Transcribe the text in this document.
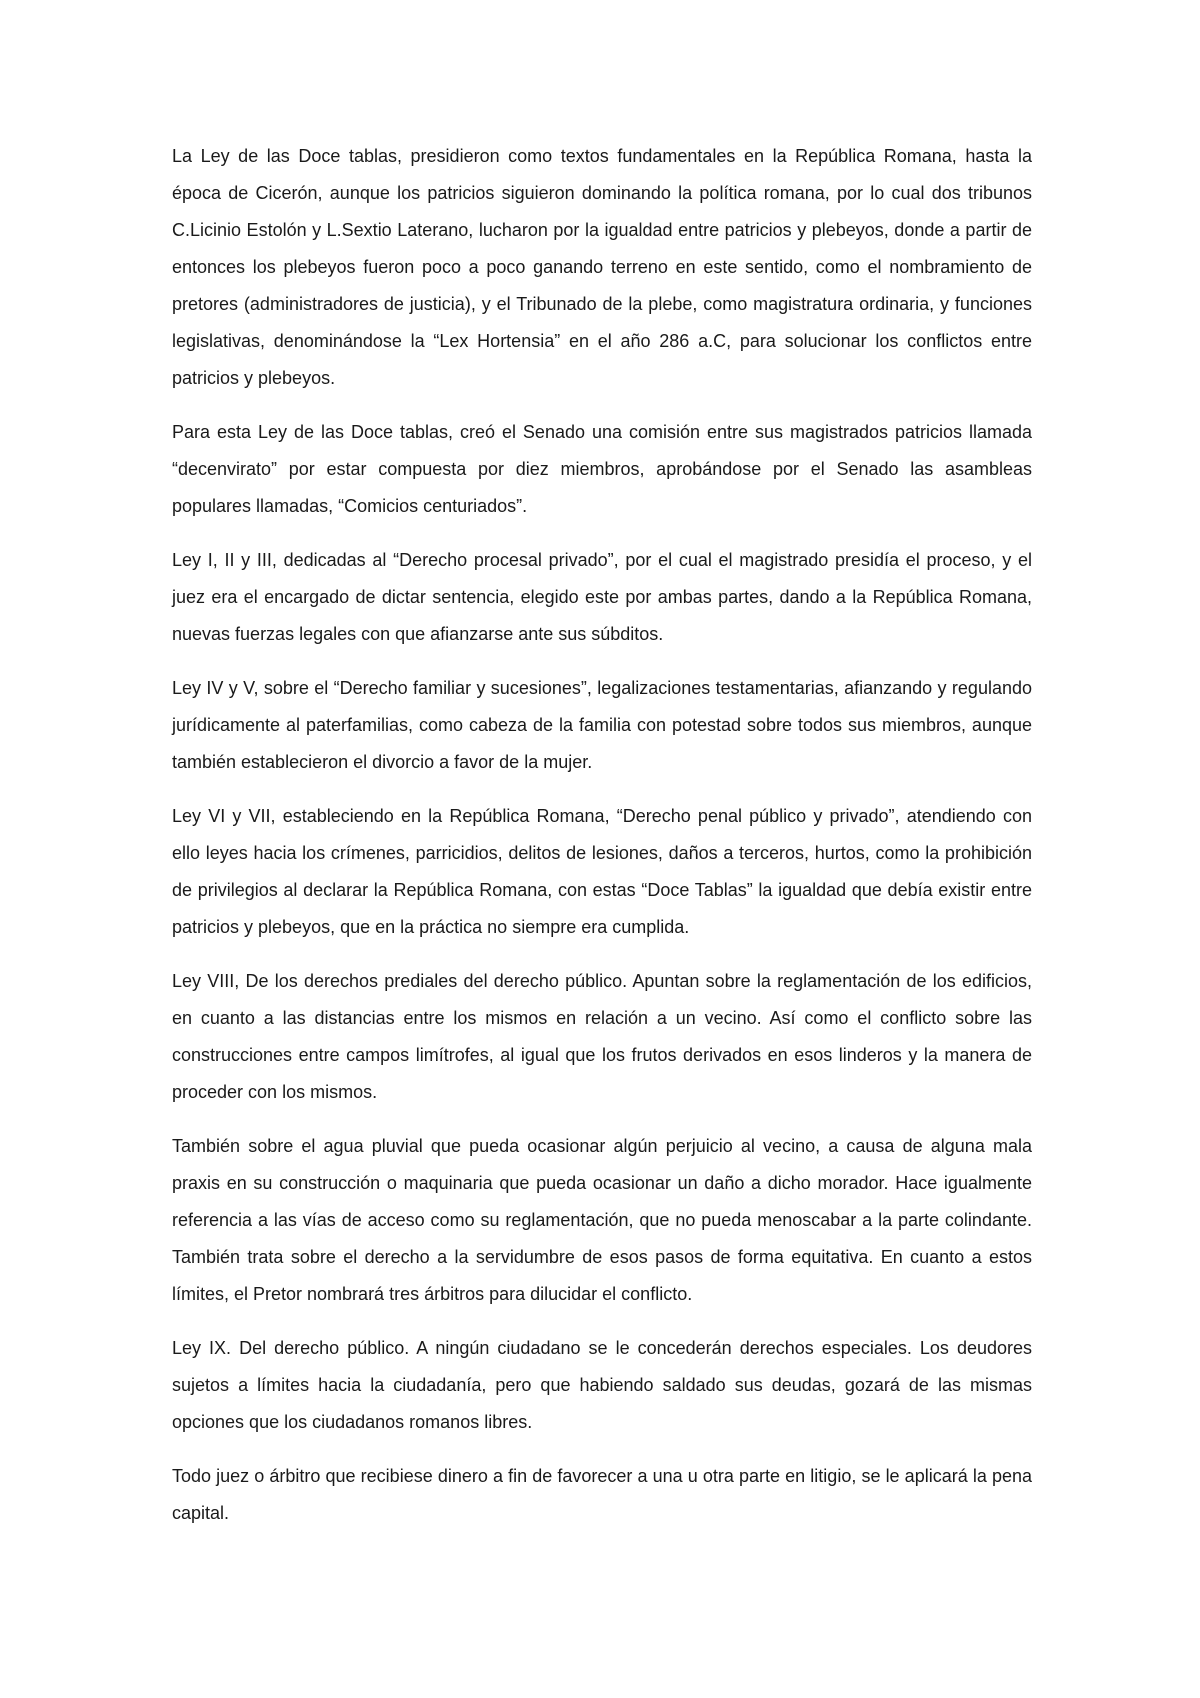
La Ley de las Doce tablas, presidieron como textos fundamentales en la República Romana, hasta la época de Cicerón, aunque los patricios siguieron dominando la política romana, por lo cual dos tribunos C.Licinio Estolón y L.Sextio Laterano, lucharon por la igualdad entre patricios y plebeyos, donde a partir de entonces los plebeyos fueron poco a poco ganando terreno en este sentido, como el nombramiento de pretores (administradores de justicia), y el Tribunado de la plebe, como magistratura ordinaria, y funciones legislativas, denominándose la “Lex Hortensia” en el año 286 a.C, para solucionar los conflictos entre patricios y plebeyos.

Para esta Ley de las Doce tablas, creó el Senado una comisión entre sus magistrados patricios llamada “decenvirato” por estar compuesta por diez miembros, aprobándose por el Senado las asambleas populares llamadas, “Comicios centuriados”.

Ley I, II y III, dedicadas al “Derecho procesal privado”, por el cual el magistrado presidía el proceso, y el juez era el encargado de dictar sentencia, elegido este por ambas partes, dando a la República Romana, nuevas fuerzas legales con que afianzarse ante sus súbditos.

Ley IV y V, sobre el “Derecho familiar y sucesiones”, legalizaciones testamentarias, afianzando y regulando jurídicamente al paterfamilias, como cabeza de la familia con potestad sobre todos sus miembros, aunque también establecieron el divorcio a favor de la mujer.

Ley VI y VII, estableciendo en la República Romana, “Derecho penal público y privado”, atendiendo con ello leyes hacia los crímenes, parricidios, delitos de lesiones, daños a terceros, hurtos, como la prohibición de privilegios al declarar la República Romana, con estas “Doce Tablas” la igualdad que debía existir entre patricios y plebeyos, que en la práctica no siempre era cumplida.

Ley VIII, De los derechos prediales del derecho público. Apuntan sobre la reglamentación de los edificios, en cuanto a las distancias entre los mismos en relación a un vecino. Así como el conflicto sobre las construcciones entre campos limítrofes, al igual que los frutos derivados en esos linderos y la manera de proceder con los mismos.

También sobre el agua pluvial que pueda ocasionar algún perjuicio al vecino, a causa de alguna mala praxis en su construcción o maquinaria que pueda ocasionar un daño a dicho morador. Hace igualmente referencia a las vías de acceso como su reglamentación, que no pueda menoscabar a la parte colindante. También trata sobre el derecho a la servidumbre de esos pasos de forma equitativa. En cuanto a estos límites, el Pretor nombrará tres árbitros para dilucidar el conflicto.

Ley IX. Del derecho público. A ningún ciudadano se le concederán derechos especiales. Los deudores sujetos a límites hacia la ciudadanía, pero que habiendo saldado sus deudas, gozará de las mismas opciones que los ciudadanos romanos libres.

Todo juez o árbitro que recibiese dinero a fin de favorecer a una u otra parte en litigio, se le aplicará la pena capital.
